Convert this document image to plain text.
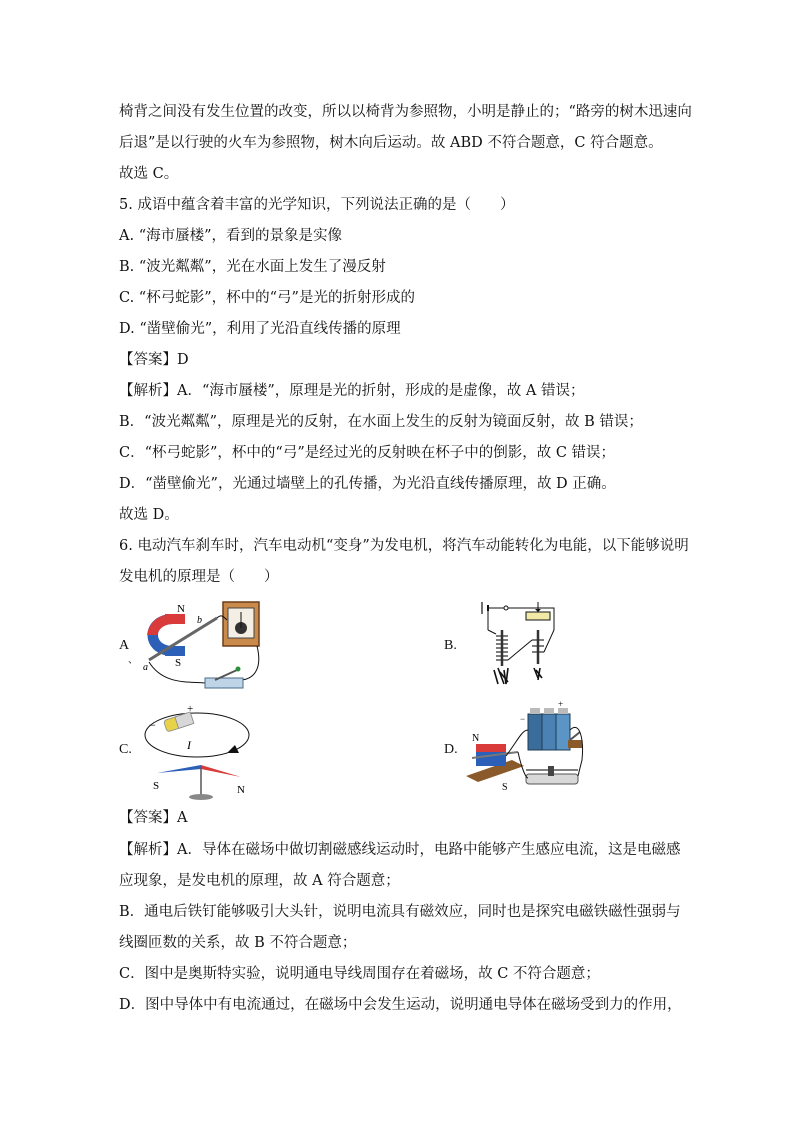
椅背之间没有发生位置的改变，所以以椅背为参照物，小明是静止的；“路旁的树木迅速向
后退”是以行驶的火车为参照物，树木向后运动。故 ABD 不符合题意，C 符合题意。
故选 C。
5. 成语中蕴含着丰富的光学知识，下列说法正确的是（　　）
A. “海市蜃楼”，看到的景象是实像
B. “波光粼粼”，光在水面上发生了漫反射
C. “杯弓蛇影”，杯中的“弓”是光的折射形成的
D. “凿壁偷光”，利用了光沿直线传播的原理
【答案】D
【解析】A．“海市蜃楼”，原理是光的折射，形成的是虚像，故 A 错误；
B．“波光粼粼”，原理是光的反射，在水面上发生的反射为镜面反射，故 B 错误；
C．“杯弓蛇影”，杯中的“弓”是经过光的反射映在杯子中的倒影，故 C 错误；
D．“凿壁偷光”，光通过墙壁上的孔传播，为光沿直线传播原理，故 D 正确。
故选 D。
6. 电动汽车刹车时，汽车电动机“变身”为发电机，将汽车动能转化为电能，以下能够说明
发电机的原理是（　　）
A
、
N
S
b
a
B.
C.
+
−
I
N
S
D.
N
S
+
−
【答案】A
【解析】A．导体在磁场中做切割磁感线运动时，电路中能够产生感应电流，这是电磁感
应现象，是发电机的原理，故 A 符合题意；
B．通电后铁钉能够吸引大头针，说明电流具有磁效应，同时也是探究电磁铁磁性强弱与
线圈匝数的关系，故 B 不符合题意；
C．图中是奥斯特实验，说明通电导线周围存在着磁场，故 C 不符合题意；
D．图中导体中有电流通过，在磁场中会发生运动，说明通电导体在磁场受到力的作用，
